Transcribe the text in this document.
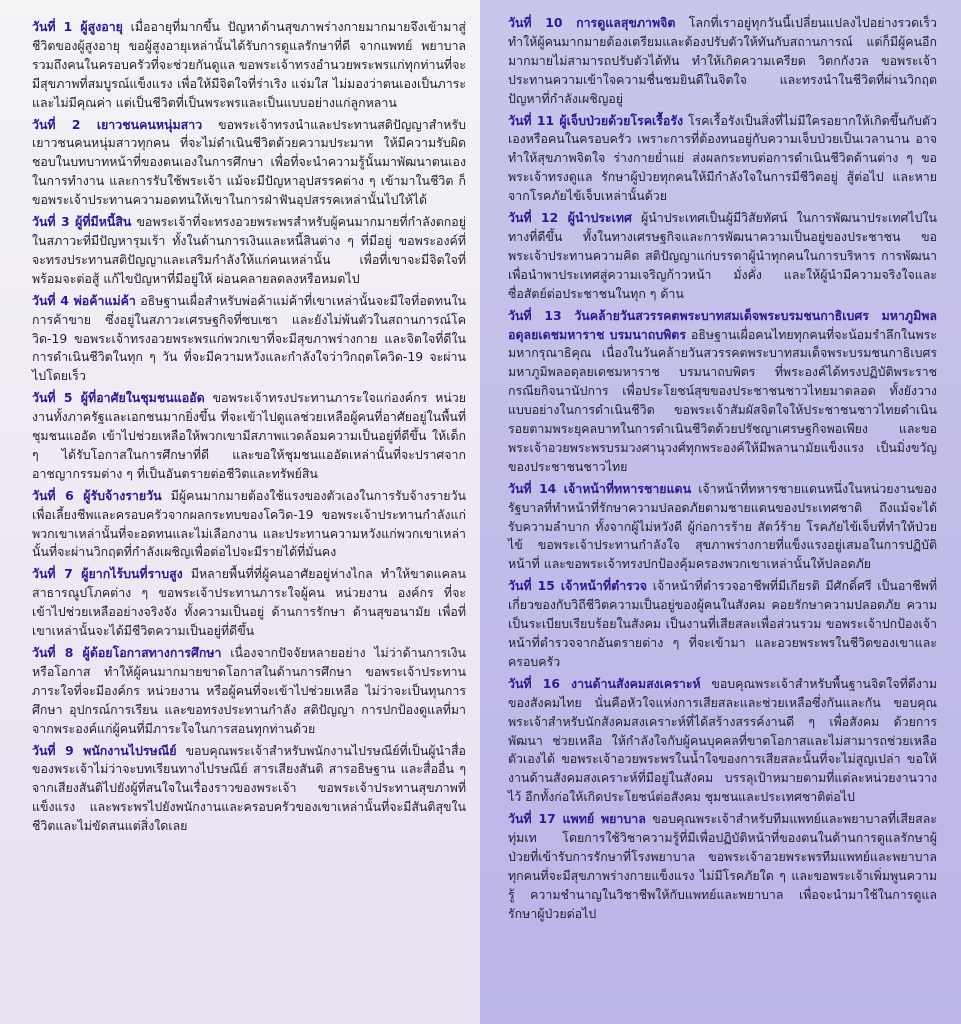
วันที่ 1 ผู้สูงอายุ เมื่ออายุที่มากขึ้น ปัญหาด้านสุขภาพร่างกายมากมายจึงเข้ามาสู่ชีวิตของผู้สูงอายุ ขอผู้สูงอายุเหล่านั้นได้รับการดูแลรักษาที่ดี จากแพทย์ พยาบาล รวมถึงคนในครอบครัวที่จะช่วยกันดูแล ขอพระเจ้าทรงอำนวยพระพรแก่ทุกท่านที่จะมีสุขภาพที่สมบูรณ์แข็งแรง เพื่อให้มีจิตใจที่ร่าเริง แจ่มใส ไม่มองว่าตนเองเป็นภาระและไม่มีคุณค่า แต่เป็นชีวิตที่เป็นพระพรและเป็นแบบอย่างแก่ลูกหลาน

วันที่ 2 เยาวชนคนหนุ่มสาว ขอพระเจ้าทรงนำและประทานสติปัญญาสำหรับเยาวชนคนหนุ่มสาวทุกคน ที่จะไม่ดำเนินชีวิตด้วยความประมาท ให้มีความรับผิดชอบในบทบาทหน้าที่ของตนเองในการศึกษา เพื่อที่จะนำความรู้นั้นมาพัฒนาตนเองในการทำงาน และการรับใช้พระเจ้า แม้จะมีปัญหาอุปสรรคต่าง ๆ เข้ามาในชีวิต ก็ขอพระเจ้าประทานความอดทนให้เขาในการฝ่าฟันอุปสรรคเหล่านั้นไปให้ได้

วันที่ 3 ผู้ที่มีหนี้สิน ขอพระเจ้าที่จะทรงอวยพระพรสำหรับผู้คนมากมายที่กำลังตกอยู่ในสภาวะที่มีปัญหารุมเร้า ทั้งในด้านการเงินและหนี้สินต่าง ๆ ที่มีอยู่ ขอพระองค์ที่จะทรงประทานสติปัญญาและเสริมกำลังให้แก่คนเหล่านั้น เพื่อที่เขาจะมีจิตใจที่พร้อมจะต่อสู้ แก้ไขปัญหาที่มีอยู่ให้ ผ่อนคลายลดลงหรือหมดไป

วันที่ 4 พ่อค้าแม่ค้า อธิษฐานเผื่อสำหรับพ่อค้าแม่ค้าที่เขาเหล่านั้นจะมีใจที่อดทนในการค้าขาย ซึ่งอยู่ในสภาวะเศรษฐกิจที่ซบเซา และยังไม่พ้นตัวในสถานการณ์โควิด-19 ขอพระเจ้าทรงอวยพระพรแก่พวกเขาที่จะมีสุขภาพร่างกาย และจิตใจที่ดีในการดำเนินชีวิตในทุก ๆ วัน ที่จะมีความหวังและกำลังใจว่าวิกฤตโควิด-19 จะผ่านไปโดยเร็ว

วันที่ 5 ผู้ที่อาศัยในชุมชนแออัด ขอพระเจ้าทรงประทานภาระใจแก่องค์กร หน่วยงานทั้งภาครัฐและเอกชนมากยิ่งขึ้น ที่จะเข้าไปดูแลช่วยเหลือผู้คนที่อาศัยอยู่ในพื้นที่ชุมชนแออัด เข้าไปช่วยเหลือให้พวกเขามีสภาพแวดล้อมความเป็นอยู่ที่ดีขึ้น ให้เด็ก ๆ ได้รับโอกาสในการศึกษาที่ดี และขอให้ชุมชนแออัดเหล่านั้นที่จะปราศจากอาชญากรรมต่าง ๆ ที่เป็นอันตรายต่อชีวิตและทรัพย์สิน

วันที่ 6 ผู้รับจ้างรายวัน มีผู้คนมากมายต้องใช้แรงของตัวเองในการรับจ้างรายวันเพื่อเลี้ยงชีพและครอบครัวจากผลกระทบของโควิด-19 ขอพระเจ้าประทานกำลังแก่พวกเขาเหล่านั้นที่จะอดทนและไม่เลือกงาน และประทานความหวังแก่พวกเขาเหล่านั้นที่จะผ่านวิกฤตที่กำลังเผชิญเพื่อต่อไปจะมีรายได้ที่มั่นคง

วันที่ 7 ผู้ยากไร้บนที่ราบสูง มีหลายพื้นที่ที่ผู้คนอาศัยอยู่ห่างไกล ทำให้ขาดแคลนสาธารณูปโภคต่าง ๆ ขอพระเจ้าประทานภาระใจผู้คน หน่วยงาน องค์กร ที่จะเข้าไปช่วยเหลืออย่างจริงจัง ทั้งความเป็นอยู่ ด้านการรักษา ด้านสุขอนามัย เพื่อที่เขาเหล่านั้นจะได้มีชีวิตความเป็นอยู่ที่ดีขึ้น

วันที่ 8 ผู้ด้อยโอกาสทางการศึกษา เนื่องจากปัจจัยหลายอย่าง ไม่ว่าด้านการเงิน หรือโอกาส ทำให้ผู้คนมากมายขาดโอกาสในด้านการศึกษา ขอพระเจ้าประทานภาระใจที่จะมีองค์กร หน่วยงาน หรือผู้คนที่จะเข้าไปช่วยเหลือ ไม่ว่าจะเป็นทุนการศึกษา อุปกรณ์การเรียน และขอทรงประทานกำลัง สติปัญญา การปกป้องดูแลที่มาจากพระองค์แก่ผู้คนที่มีภาระใจในการสอนทุกท่านด้วย

วันที่ 9 พนักงานไปรษณีย์ ขอบคุณพระเจ้าสำหรับพนักงานไปรษณีย์ที่เป็นผู้นำสื่อของพระเจ้าไม่ว่าจะบทเรียนทางไปรษณีย์ สารเสียงสันติ สารอธิษฐาน และสื่ออื่น ๆ จากเสียงสันติไปยังผู้ที่สนใจในเรื่องราวของพระเจ้า ขอพระเจ้าประทานสุขภาพที่แข็งแรง และพระพรไปยังพนักงานและครอบครัวของเขาเหล่านั้นที่จะมีสันติสุขในชีวิตและไม่ขัดสนแต่สิ่งใดเลย

วันที่ 10 การดูแลสุขภาพจิต โลกที่เราอยู่ทุกวันนี้เปลี่ยนแปลงไปอย่างรวดเร็ว ทำให้ผู้คนมากมายต้องเตรียมและต้องปรับตัวให้ทันกับสถานการณ์ แต่ก็มีผู้คนอีกมากมายไม่สามารถปรับตัวได้ทัน ทำให้เกิดความเครียด วิตกกังวล ขอพระเจ้าประทานความเข้าใจความชื่นชมยินดีในจิตใจ และทรงนำในชีวิตที่ผ่านวิกฤตปัญหาที่กำลังเผชิญอยู่

วันที่ 11 ผู้เจ็บป่วยด้วยโรคเรื้อรัง โรคเรื้อรังเป็นสิ่งที่ไม่มีใครอยากให้เกิดขึ้นกับตัวเองหรือคนในครอบครัว เพราะการที่ต้องทนอยู่กับความเจ็บป่วยเป็นเวลานาน อาจทำให้สุขภาพจิตใจ ร่างกายย่ำแย่ ส่งผลกระทบต่อการดำเนินชีวิตด้านต่าง ๆ ขอพระเจ้าทรงดูแล รักษาผู้ป่วยทุกคนให้มีกำลังใจในการมีชีวิตอยู่ สู้ต่อไป และหายจากโรคภัยไข้เจ็บเหล่านั้นด้วย

วันที่ 12 ผู้นำประเทศ ผู้นำประเทศเป็นผู้มีวิสัยทัศน์ ในการพัฒนาประเทศไปในทางที่ดีขึ้น ทั้งในทางเศรษฐกิจและการพัฒนาความเป็นอยู่ของประชาชน ขอพระเจ้าประทานความคิด สติปัญญาแก่บรรดาผู้นำทุกคนในการบริหาร การพัฒนา เพื่อนำพาประเทศสู่ความเจริญก้าวหน้า มั่งคั่ง และให้ผู้นำมีความจริงใจและซื่อสัตย์ต่อประชาชนในทุก ๆ ด้าน

วันที่ 13 วันคล้ายวันสวรรคตพระบาทสมเด็จพระบรมชนกาธิเบศร มหาภูมิพลอดุลยเดชมหาราช บรมนาถบพิตร อธิษฐานเผื่อคนไทยทุกคนที่จะน้อมรำลึกในพระมหากรุณาธิคุณ เนื่องในวันคล้ายวันสวรรคตพระบาทสมเด็จพระบรมชนกาธิเบศร มหาภูมิพลอดุลยเดชมหาราช บรมนาถบพิตร ที่พระองค์ได้ทรงปฏิบัติพระราชกรณียกิจนานัปการ เพื่อประโยชน์สุขของประชาชนชาวไทยมาตลอด ทั้งยังวางแบบอย่างในการดำเนินชีวิต ขอพระเจ้าสัมผัสจิตใจให้ประชาชนชาวไทยดำเนินรอยตามพระยุคลบาทในการดำเนินชีวิตด้วยปรัชญาเศรษฐกิจพอเพียง และขอพระเจ้าอวยพระพรบรมวงศานุวงศ์ทุกพระองค์ให้มีพลานามัยแข็งแรง เป็นมิ่งขวัญของประชาชนชาวไทย

วันที่ 14 เจ้าหน้าที่ทหารชายแดน เจ้าหน้าที่ทหารชายแดนหนึ่งในหน่วยงานของรัฐบาลที่ทำหน้าที่รักษาความปลอดภัยตามชายแดนของประเทศชาติ ถึงแม้จะได้รับความลำบาก ทั้งจากผู้ไม่หวังดี ผู้ก่อการร้าย สัตว์ร้าย โรคภัยไข้เจ็บที่ทำให้ป่วยไข้ ขอพระเจ้าประทานกำลังใจ สุขภาพร่างกายที่แข็งแรงอยู่เสมอในการปฏิบัติหน้าที่ และขอพระเจ้าทรงปกป้องคุ้มครองพวกเขาเหล่านั้นให้ปลอดภัย

วันที่ 15 เจ้าหน้าที่ตำรวจ เจ้าหน้าที่ตำรวจอาชีพที่มีเกียรติ มีศักดิ์ศรี เป็นอาชีพที่เกี่ยวของกับวิถีชีวิตความเป็นอยู่ของผู้คนในสังคม คอยรักษาความปลอดภัย ความเป็นระเบียบเรียบร้อยในสังคม เป็นงานที่เสียสละเพื่อส่วนรวม ขอพระเจ้าปกป้องเจ้าหน้าที่ตำรวจจากอันตรายต่าง ๆ ที่จะเข้ามา และอวยพระพรในชีวิตของเขาและครอบครัว

วันที่ 16 งานด้านสังคมสงเคราะห์ ขอบคุณพระเจ้าสำหรับพื้นฐานจิตใจที่ดีงามของสังคมไทย นั่นคือหัวใจแห่งการเสียสละและช่วยเหลือซึ่งกันและกัน ขอบคุณพระเจ้าสำหรับนักสังคมสงเคราะห์ที่ได้สร้างสรรค์งานดี ๆ เพื่อสังคม ด้วยการพัฒนา ช่วยเหลือ ให้กำลังใจกับผู้คนบุคคลที่ขาดโอกาสและไม่สามารถช่วยเหลือตัวเองได้ ขอพระเจ้าอวยพระพรในน้ำใจของการเสียสละนั้นที่จะไม่สูญเปล่า ขอให้งานด้านสังคมสงเคราะห์ที่มีอยู่ในสังคม บรรลุเป้าหมายตามที่แต่ละหน่วยงานวางไว้ อีกทั้งก่อให้เกิดประโยชน์ต่อสังคม ชุมชนและประเทศชาติต่อไป

วันที่ 17 แพทย์ พยาบาล ขอบคุณพระเจ้าสำหรับทีมแพทย์และพยาบาลที่เสียสละทุ่มเท โดยการใช้วิชาความรู้ที่มีเพื่อปฏิบัติหน้าที่ของตนในด้านการดูแลรักษาผู้ป่วยที่เข้ารับการรักษาที่โรงพยาบาล ขอพระเจ้าอวยพระพรทีมแพทย์และพยาบาลทุกคนที่จะมีสุขภาพร่างกายแข็งแรง ไม่มีโรคภัยใด ๆ และขอพระเจ้าเพิ่มพูนความรู้ ความชำนาญในวิชาชีพให้กับแพทย์และพยาบาล เพื่อจะนำมาใช้ในการดูแลรักษาผู้ป่วยต่อไป
